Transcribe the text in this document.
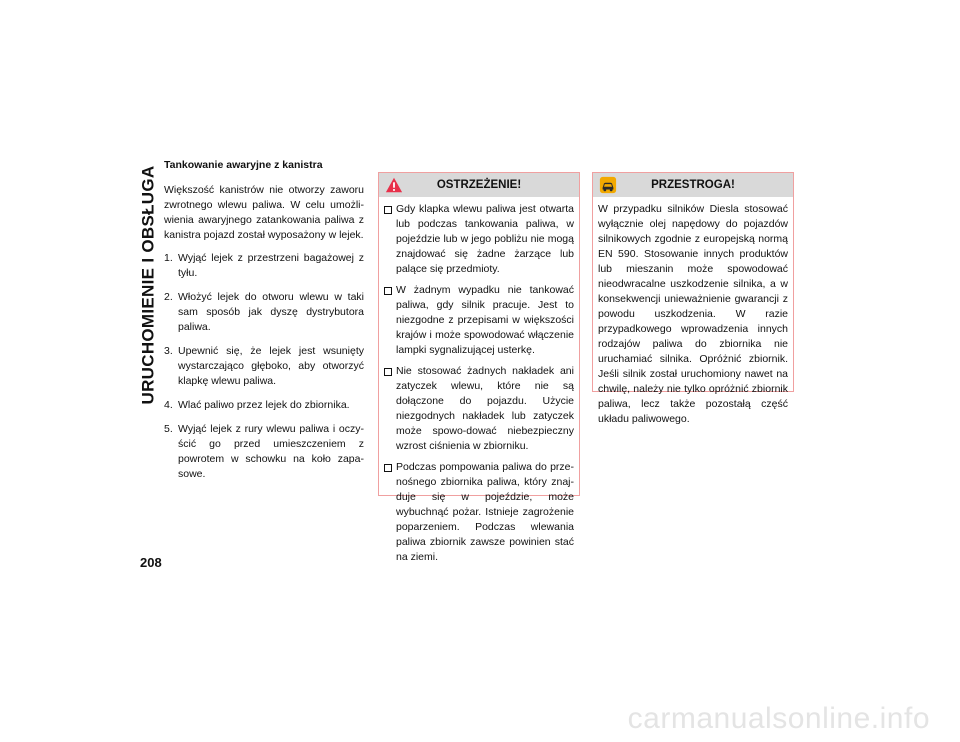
URUCHOMIENIE I OBSŁUGA
208
Tankowanie awaryjne z kanistra

Większość kanistrów nie otworzy zaworu zwrotnego wlewu paliwa. W celu umożli-wienia awaryjnego zatankowania paliwa z kanistra pojazd został wyposażony w lejek.

1. Wyjąć lejek z przestrzeni bagażowej z tyłu.
2. Włożyć lejek do otworu wlewu w taki sam sposób jak dyszę dystrybutora paliwa.
3. Upewnić się, że lejek jest wsunięty wystarczająco głęboko, aby otworzyć klapkę wlewu paliwa.
4. Wlać paliwo przez lejek do zbiornika.
5. Wyjąć lejek z rury wlewu paliwa i oczy-ścić go przed umieszczeniem z powrotem w schowku na koło zapa-sowe.
OSTRZEŻENIE!
Gdy klapka wlewu paliwa jest otwarta lub podczas tankowania paliwa, w pojeździe lub w jego pobliżu nie mogą znajdować się żadne żarzące lub palące się przedmioty.
W żadnym wypadku nie tankować paliwa, gdy silnik pracuje. Jest to niezgodne z przepisami w większości krajów i może spowodować włączenie lampki sygnalizującej usterkę.
Nie stosować żadnych nakładek ani zatyczek wlewu, które nie są dołączone do pojazdu. Użycie niezgodnych nakładek lub zatyczek może spowo-dować niebezpieczny wzrost ciśnienia w zbiorniku.
Podczas pompowania paliwa do prze-nośnego zbiornika paliwa, który znaj-duje się w pojeździe, może wybuchnąć pożar. Istnieje zagrożenie poparzeniem. Podczas wlewania paliwa zbiornik zawsze powinien stać na ziemi.
PRZESTROGA!

W przypadku silników Diesla stosować wyłącznie olej napędowy do pojazdów silnikowych zgodnie z europejską normą EN 590. Stosowanie innych produktów lub mieszanin może spowodować nieodwracalne uszkodzenie silnika, a w konsekwencji unieważnienie gwarancji z powodu uszkodzenia. W razie przypadkowego wprowadzenia innych rodzajów paliwa do zbiornika nie uruchamiać silnika. Opróżnić zbiornik. Jeśli silnik został uruchomiony nawet na chwilę, należy nie tylko opróżnić zbiornik paliwa, lecz także pozostałą część układu paliwowego.

carmanualsonline.info
